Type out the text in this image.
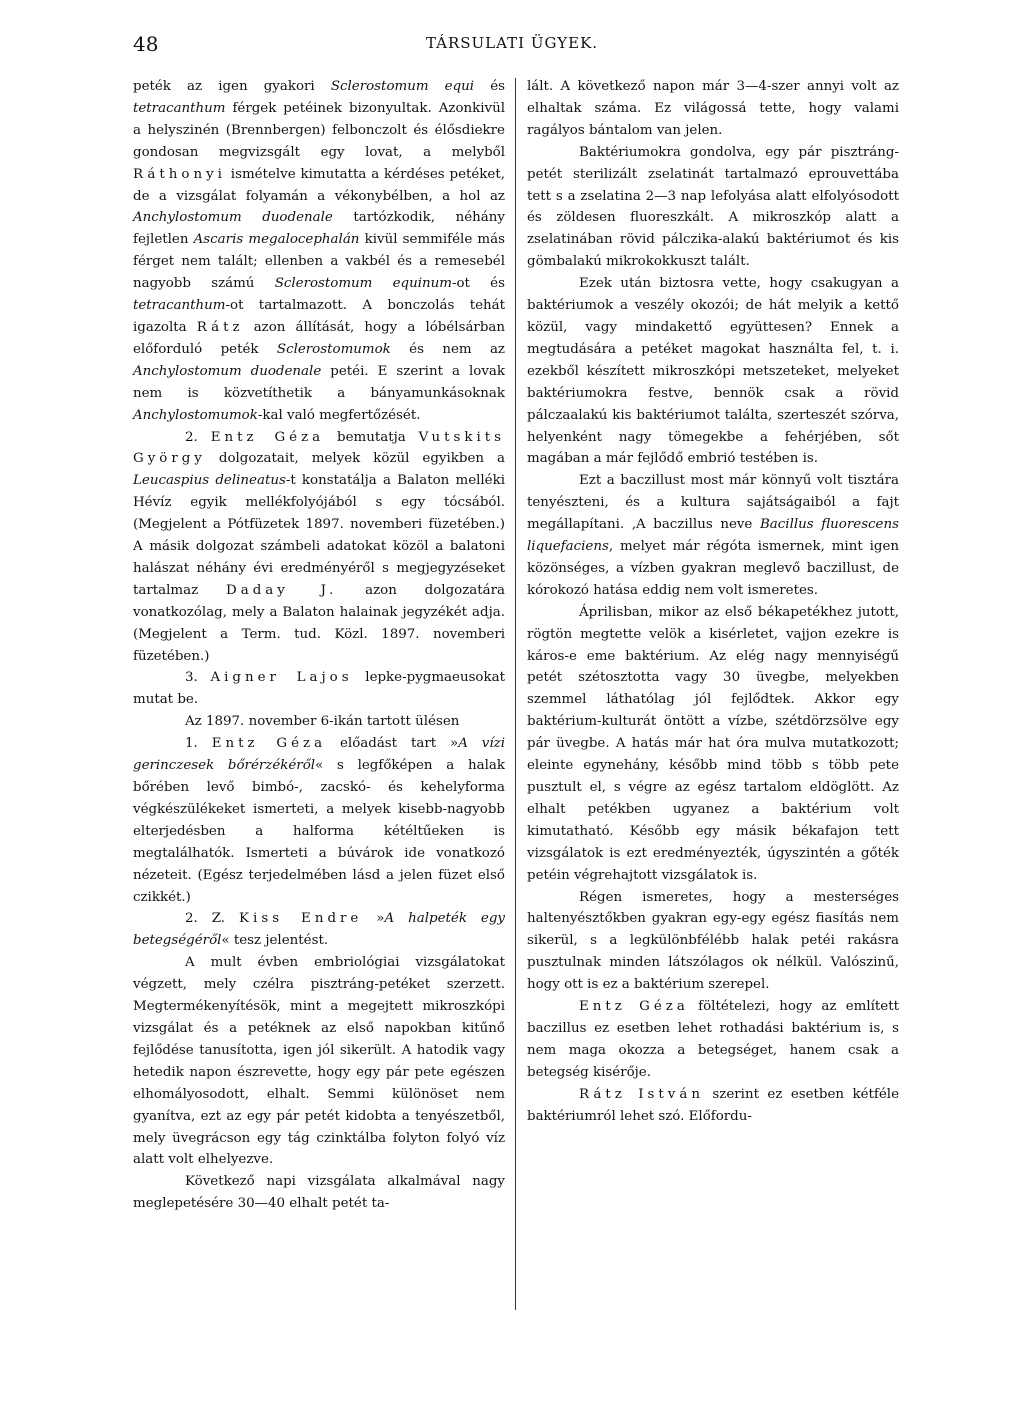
48	TÁRSULATI ÜGYEK.

peték az igen gyakori Sclerostomum equi és tetracanthum férgek petéinek bizonyultak. Azonkivül a helyszinén (Brennbergen) felbonczolt és élősdiekre gondosan megvizsgált egy lovat, a melyből Ráthonyi ismételve kimutatta a kérdéses petéket, de a vizsgálat folyamán a vékonybélben, a hol az Anchylostomum duodenale tartózkodik, néhány fejletlen Ascaris megalocephalán kivül semmiféle más férget nem talált; ellenben a vakbél és a remesebél nagyobb számú Sclerostomum equinum-ot és tetracanthum-ot tartalmazott. A bonczolás tehát igazolta Rátz azon állítását, hogy a lóbélsárban előforduló peték Sclerostomumok és nem az Anchylostomum duodenale petéi. E szerint a lovak nem is közvetíthetik a bányamunkásoknak Anchylostomumok-kal való megfertőzését.

2. Entz Géza bemutatja Vutskits György dolgozatait, melyek közül egyikben a Leucaspius delineatus-t konstatálja a Balaton melléki Hévíz egyik mellékfolyójából s egy tócsából. (Megjelent a Pótfüzetek 1897. novemberi füzetében.) A másik dolgozat számbeli adatokat közöl a balatoni halászat néhány évi eredményéről s megjegyzéseket tartalmaz Daday J. azon dolgozatára vonatkozólag, mely a Balaton halainak jegyzékét adja. (Megjelent a Term. tud. Közl. 1897. novemberi füzetében.)

3. Aigner Lajos lepke-pygmaeusokat mutat be.

Az 1897. november 6-ikán tartott ülésen

1. Entz Géza előadást tart »A vízi gerinczesek bőrérzékéről« s legfőképen a halak bőrében levő bimbó-, zacskó- és kehelyforma végkészülékeket ismerteti, a melyek kisebb-nagyobb elterjedésben a halforma kétéltűeken is megtalálhatók. Ismerteti a búvárok ide vonatkozó nézeteit. (Egész terjedelmében lásd a jelen füzet első czikkét.)

2. Z. Kiss Endre »A halpeték egy betegségéről« tesz jelentést.

A mult évben embriológiai vizsgálatokat végzett, mely czélra pisztráng-petéket szerzett. Megtermékenyítésök, mint a megejtett mikroszkópi vizsgálat és a petéknek az első napokban kitűnő fejlődése tanusította, igen jól sikerült. A hatodik vagy hetedik napon észrevette, hogy egy pár pete egészen elhomályosodott, elhalt. Semmi különöset nem gyanítva, ezt az egy pár petét kidobta a tenyészetből, mely üvegrácson egy tág czinktálba folyton folyó víz alatt volt elhelyezve.

Következő napi vizsgálata alkalmával nagy meglepetésére 30—40 elhalt petét ta-

lált. A következő napon már 3—4-szer annyi volt az elhaltak száma. Ez világossá tette, hogy valami ragályos bántalom van jelen.

Baktériumokra gondolva, egy pár pisztráng-petét sterilizált zselatinát tartalmazó eprouvettába tett s a zselatina 2—3 nap lefolyása alatt elfolyósodott és zöldesen fluoreszkált. A mikroszkóp alatt a zselatinában rövid pálczika-alakú baktériumot és kis gömbalakú mikrokokkuszt talált.

Ezek után biztosra vette, hogy csakugyan a baktériumok a veszély okozói; de hát melyik a kettő közül, vagy mindakettő együttesen? Ennek a megtudására a petéket magokat használta fel, t. i. ezekből készített mikroszkópi metszeteket, melyeket baktériumokra festve, bennök csak a rövid pálczaalakú kis baktériumot találta, szerteszét szórva, helyenként nagy tömegekbe a fehérjében, sőt magában a már fejlődő embrió testében is.

Ezt a baczillust most már könnyű volt tisztára tenyészteni, és a kultura sajátságaiból a fajt megállapítani. ‚A baczillus neve Bacillus fluorescens liquefaciens, melyet már régóta ismernek, mint igen közönséges, a vízben gyakran meglevő baczillust, de kórokozó hatása eddig nem volt ismeretes.

Áprilisban, mikor az első békapetékhez jutott, rögtön megtette velök a kisérletet, vajjon ezekre is káros-e eme baktérium. Az elég nagy mennyiségű petét szétosztotta vagy 30 üvegbe, melyekben szemmel láthatólag jól fejlődtek. Akkor egy baktérium-kulturát öntött a vízbe, szétdörzsölve egy pár üvegbe. A hatás már hat óra mulva mutatkozott; eleinte egynehány, később mind több s több pete pusztult el, s végre az egész tartalom eldöglött. Az elhalt petékben ugyanez a baktérium volt kimutatható. Később egy másik békafajon tett vizsgálatok is ezt eredményezték, úgyszintén a gőték petéin végrehajtott vizsgálatok is.

Régen ismeretes, hogy a mesterséges haltenyésztőkben gyakran egy-egy egész fiasítás nem sikerül, s a legkülönbfélébb halak petéi rakásra pusztulnak minden látszólagos ok nélkül. Valószinű, hogy ott is ez a baktérium szerepel.

Entz Géza föltételezi, hogy az említett baczillus ez esetben lehet rothadási baktérium is, s nem maga okozza a betegséget, hanem csak a betegség kisérője.

Rátz István szerint ez esetben kétféle baktériumról lehet szó. Előfordu-
